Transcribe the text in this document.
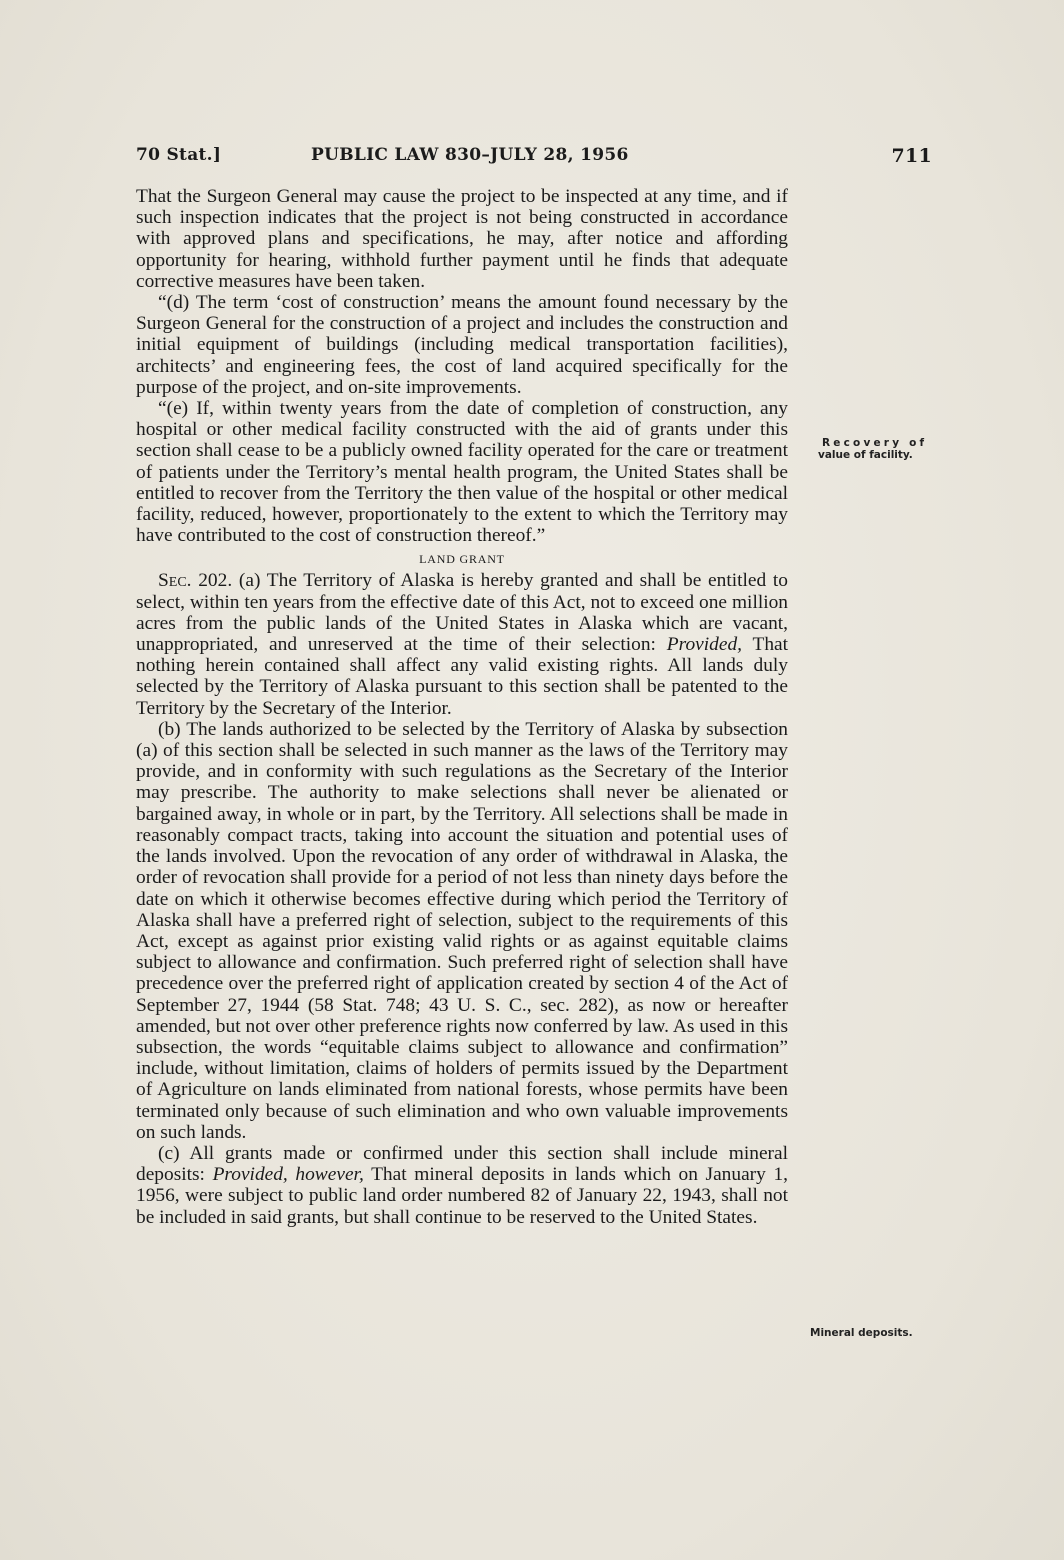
70 Stat.]	PUBLIC LAW 830–JULY 28, 1956	711

That the Surgeon General may cause the project to be inspected at any time, and if such inspection indicates that the project is not being constructed in accordance with approved plans and specifications, he may, after notice and affording opportunity for hearing, withhold further payment until he finds that adequate corrective measures have been taken.

“(d) The term ‘cost of construction’ means the amount found necessary by the Surgeon General for the construction of a project and includes the construction and initial equipment of buildings (including medical transportation facilities), architects’ and engineering fees, the cost of land acquired specifically for the purpose of the project, and on-site improvements.

“(e) If, within twenty years from the date of completion of construction, any hospital or other medical facility constructed with the aid of grants under this section shall cease to be a publicly owned facility operated for the care or treatment of patients under the Territory’s mental health program, the United States shall be entitled to recover from the Territory the then value of the hospital or other medical facility, reduced, however, proportionately to the extent to which the Territory may have contributed to the cost of construction thereof.”

LAND GRANT

Sec. 202. (a) The Territory of Alaska is hereby granted and shall be entitled to select, within ten years from the effective date of this Act, not to exceed one million acres from the public lands of the United States in Alaska which are vacant, unappropriated, and unreserved at the time of their selection: Provided, That nothing herein contained shall affect any valid existing rights. All lands duly selected by the Territory of Alaska pursuant to this section shall be patented to the Territory by the Secretary of the Interior.

(b) The lands authorized to be selected by the Territory of Alaska by subsection (a) of this section shall be selected in such manner as the laws of the Territory may provide, and in conformity with such regulations as the Secretary of the Interior may prescribe. The authority to make selections shall never be alienated or bargained away, in whole or in part, by the Territory. All selections shall be made in reasonably compact tracts, taking into account the situation and potential uses of the lands involved. Upon the revocation of any order of withdrawal in Alaska, the order of revocation shall provide for a period of not less than ninety days before the date on which it otherwise becomes effective during which period the Territory of Alaska shall have a preferred right of selection, subject to the requirements of this Act, except as against prior existing valid rights or as against equitable claims subject to allowance and confirmation. Such preferred right of selection shall have precedence over the preferred right of application created by section 4 of the Act of September 27, 1944 (58 Stat. 748; 43 U. S. C., sec. 282), as now or hereafter amended, but not over other preference rights now conferred by law. As used in this subsection, the words “equitable claims subject to allowance and confirmation” include, without limitation, claims of holders of permits issued by the Department of Agriculture on lands eliminated from national forests, whose permits have been terminated only because of such elimination and who own valuable improvements on such lands.

(c) All grants made or confirmed under this section shall include mineral deposits: Provided, however, That mineral deposits in lands which on January 1, 1956, were subject to public land order numbered 82 of January 22, 1943, shall not be included in said grants, but shall continue to be reserved to the United States.

Recovery of
value of facility.
Mineral deposits.
